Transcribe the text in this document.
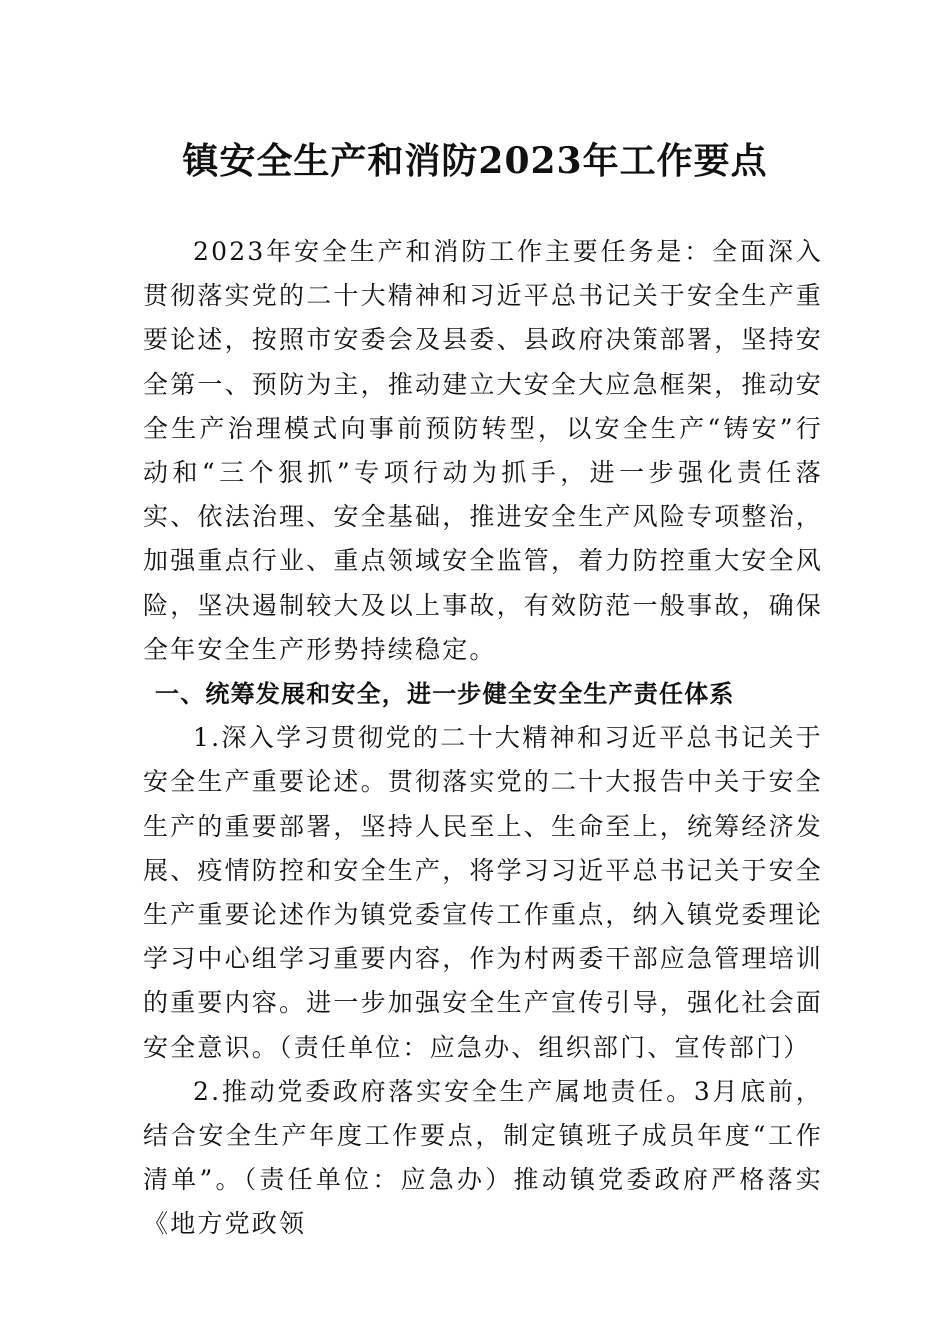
镇安全生产和消防2023年工作要点

2023年安全生产和消防工作主要任务是：全面深入贯彻落实党的二十大精神和习近平总书记关于安全生产重要论述，按照市安委会及县委、县政府决策部署，坚持安全第一、预防为主，推动建立大安全大应急框架，推动安全生产治理模式向事前预防转型，以安全生产“铸安”行动和“三个狠抓”专项行动为抓手，进一步强化责任落实、依法治理、安全基础，推进安全生产风险专项整治，加强重点行业、重点领域安全监管，着力防控重大安全风险，坚决遏制较大及以上事故，有效防范一般事故，确保全年安全生产形势持续稳定。

一、统筹发展和安全，进一步健全安全生产责任体系

1.深入学习贯彻党的二十大精神和习近平总书记关于安全生产重要论述。贯彻落实党的二十大报告中关于安全生产的重要部署，坚持人民至上、生命至上，统筹经济发展、疫情防控和安全生产，将学习习近平总书记关于安全生产重要论述作为镇党委宣传工作重点，纳入镇党委理论学习中心组学习重要内容，作为村两委干部应急管理培训的重要内容。进一步加强安全生产宣传引导，强化社会面安全意识。（责任单位：应急办、组织部门、宣传部门）

2.推动党委政府落实安全生产属地责任。3月底前，结合安全生产年度工作要点，制定镇班子成员年度“工作清单”。（责任单位：应急办）推动镇党委政府严格落实《地方党政领
